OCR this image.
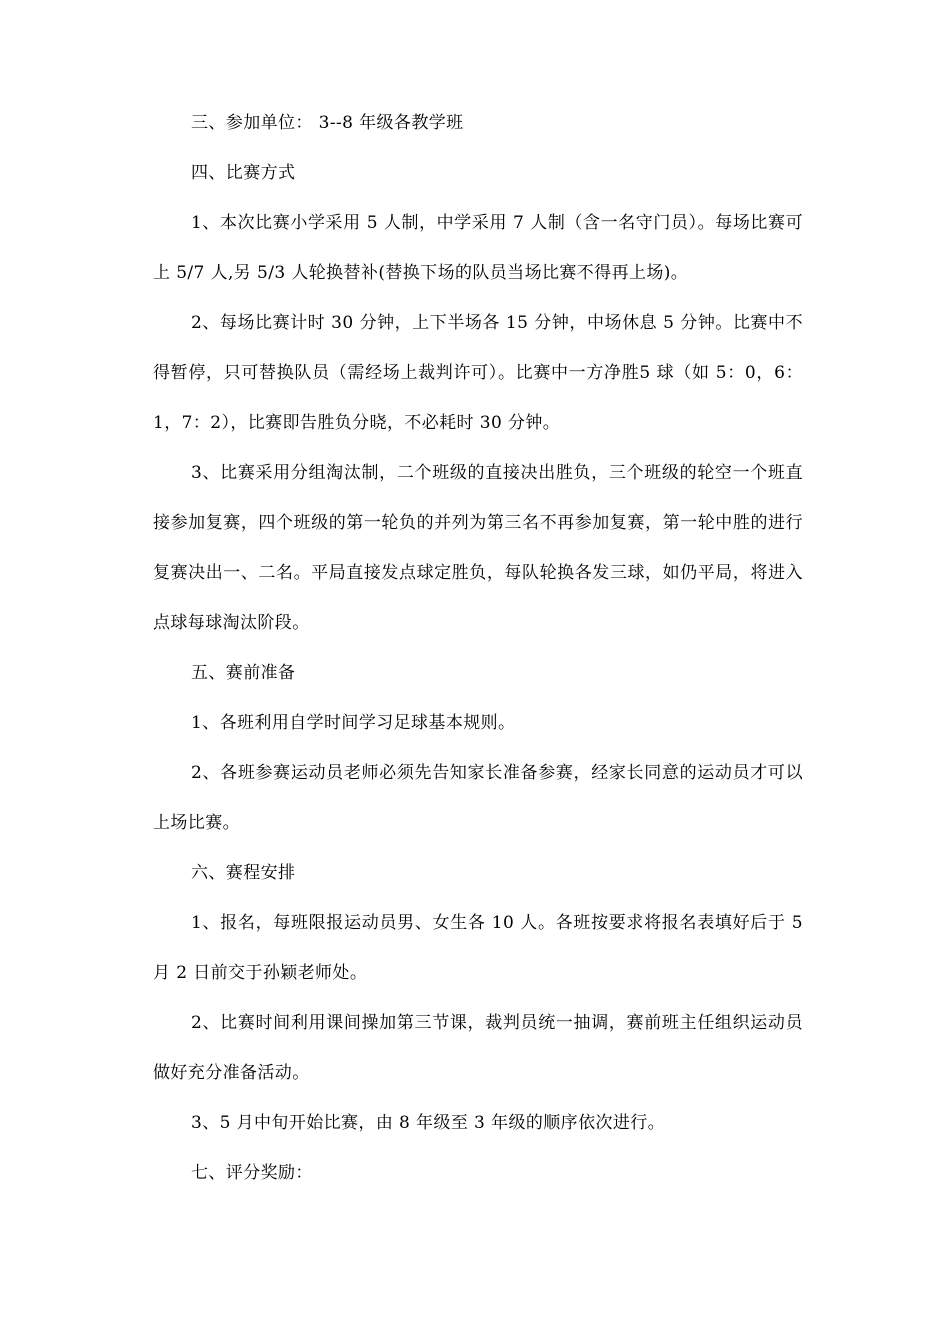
三、参加单位： 3--8 年级各教学班

四、比赛方式

1、本次比赛小学采用 5 人制，中学采用 7 人制（含一名守门员）。每场比赛可上 5/7 人,另 5/3 人轮换替补(替换下场的队员当场比赛不得再上场)。

2、每场比赛计时 30 分钟，上下半场各 15 分钟，中场休息 5 分钟。比赛中不得暂停，只可替换队员（需经场上裁判许可）。比赛中一方净胜5 球（如 5：0，6：1，7：2），比赛即告胜负分晓，不必耗时 30 分钟。

3、比赛采用分组淘汰制，二个班级的直接决出胜负，三个班级的轮空一个班直接参加复赛，四个班级的第一轮负的并列为第三名不再参加复赛，第一轮中胜的进行复赛决出一、二名。平局直接发点球定胜负，每队轮换各发三球，如仍平局，将进入点球每球淘汰阶段。

五、赛前准备

1、各班利用自学时间学习足球基本规则。

2、各班参赛运动员老师必须先告知家长准备参赛，经家长同意的运动员才可以上场比赛。

六、赛程安排

1、报名，每班限报运动员男、女生各 10 人。各班按要求将报名表填好后于 5 月 2 日前交于孙颖老师处。

2、比赛时间利用课间操加第三节课，裁判员统一抽调，赛前班主任组织运动员做好充分准备活动。

3、5 月中旬开始比赛，由 8 年级至 3 年级的顺序依次进行。

七、评分奖励：
